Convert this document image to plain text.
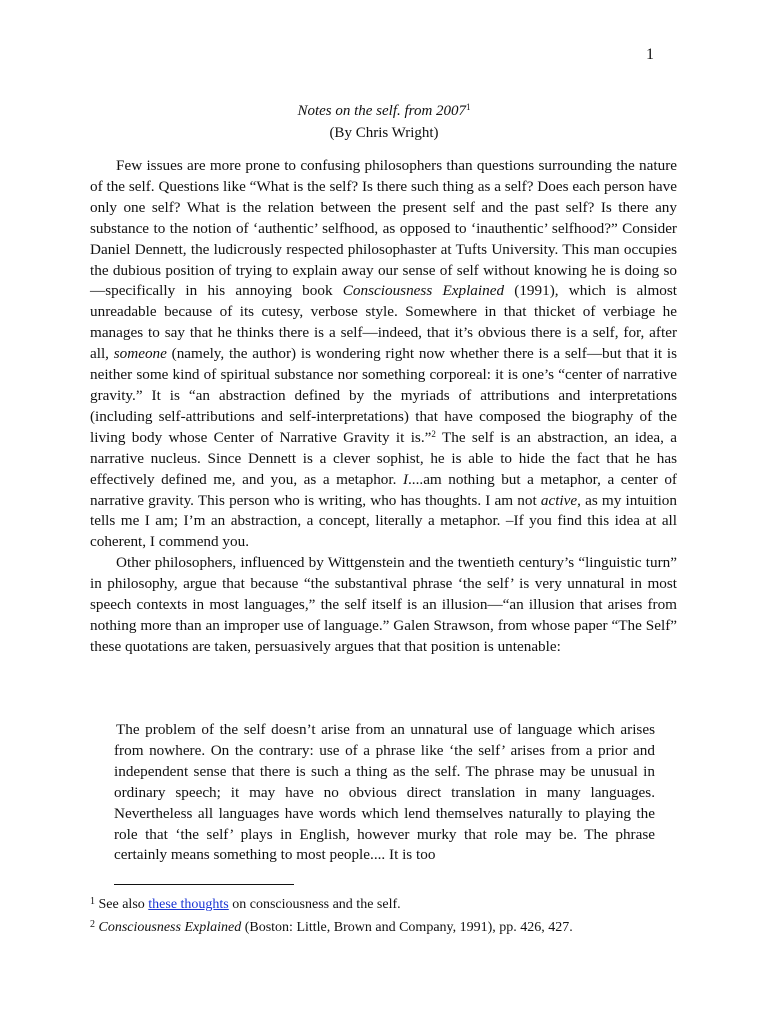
1
Notes on the self. from 2007$^1$
(By Chris Wright)

Few issues are more prone to confusing philosophers than questions surrounding the nature of the self. Questions like “What is the self? Is there such thing as a self? Does each person have only one self? What is the relation between the present self and the past self? Is there any substance to the notion of ‘authentic’ selfhood, as opposed to ‘inauthentic’ selfhood?” Consider Daniel Dennett, the ludicrously respected philosophaster at Tufts University. This man occupies the dubious position of trying to explain away our sense of self without knowing he is doing so—specifically in his annoying book Consciousness Explained (1991), which is almost unreadable because of its cutesy, verbose style. Somewhere in that thicket of verbiage he manages to say that he thinks there is a self—indeed, that it’s obvious there is a self, for, after all, someone (namely, the author) is wondering right now whether there is a self—but that it is neither some kind of spiritual substance nor something corporeal: it is one’s “center of narrative gravity.” It is “an abstraction defined by the myriads of attributions and interpretations (including self-attributions and self-interpretations) that have composed the biography of the living body whose Center of Narrative Gravity it is.”$^2$ The self is an abstraction, an idea, a narrative nucleus. Since Dennett is a clever sophist, he is able to hide the fact that he has effectively defined me, and you, as a metaphor. I....am nothing but a metaphor, a center of narrative gravity. This person who is writing, who has thoughts. I am not active, as my intuition tells me I am; I’m an abstraction, a concept, literally a metaphor. –If you find this idea at all coherent, I commend you.

Other philosophers, influenced by Wittgenstein and the twentieth century’s “linguistic turn” in philosophy, argue that because “the substantival phrase ‘the self’ is very unnatural in most speech contexts in most languages,” the self itself is an illusion—“an illusion that arises from nothing more than an improper use of language.” Galen Strawson, from whose paper “The Self” these quotations are taken, persuasively argues that that position is untenable:

The problem of the self doesn’t arise from an unnatural use of language which arises from nowhere. On the contrary: use of a phrase like ‘the self’ arises from a prior and independent sense that there is such a thing as the self. The phrase may be unusual in ordinary speech; it may have no obvious direct translation in many languages. Nevertheless all languages have words which lend themselves naturally to playing the role that ‘the self’ plays in English, however murky that role may be. The phrase certainly means something to most people.... It is too

$^1$ See also these thoughts on consciousness and the self.

$^2$ Consciousness Explained (Boston: Little, Brown and Company, 1991), pp. 426, 427.
